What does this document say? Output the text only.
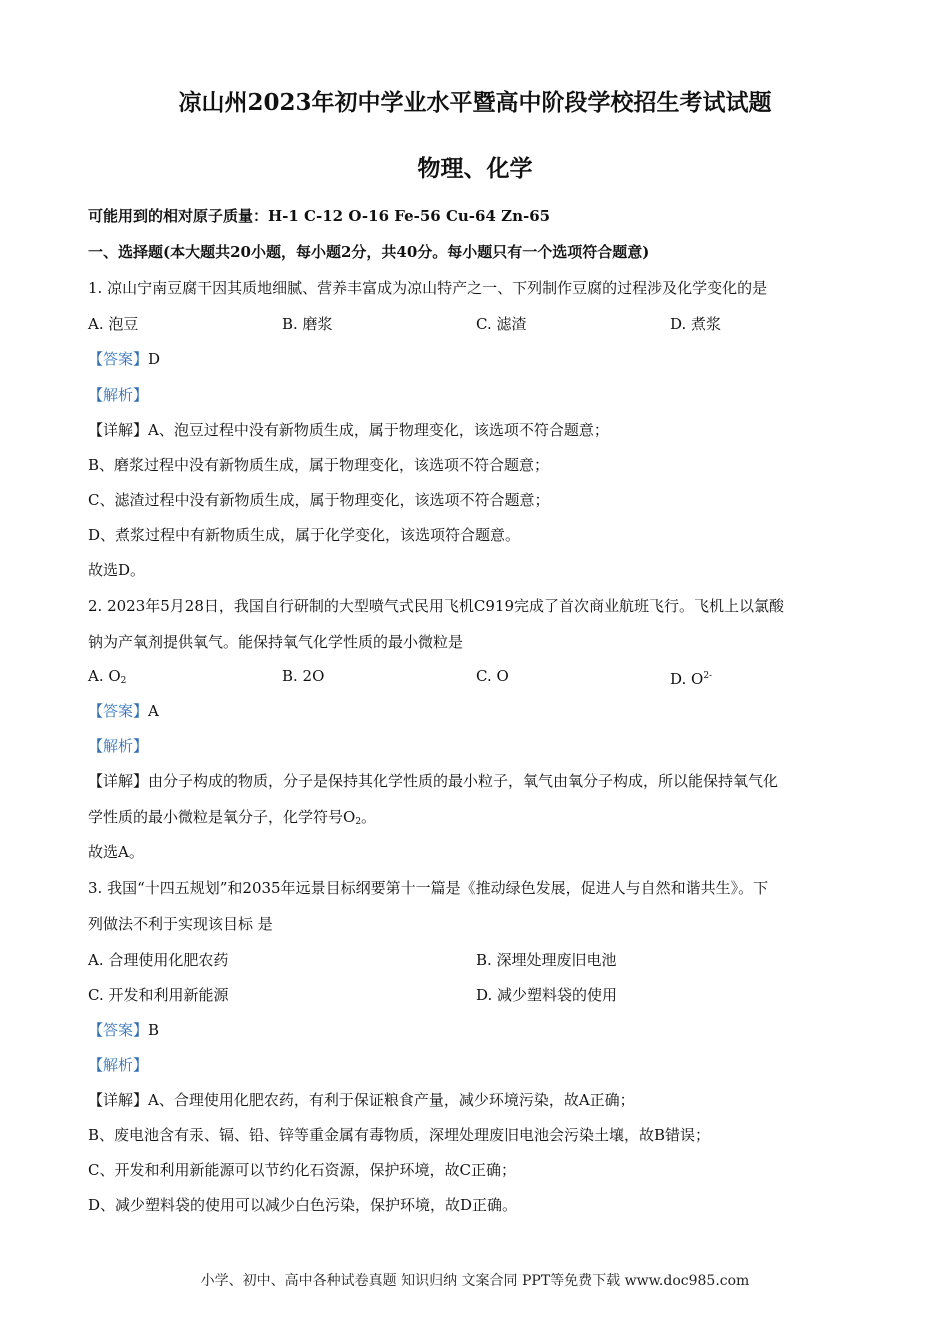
凉山州2023年初中学业水平暨高中阶段学校招生考试试题
物理、化学
可能用到的相对原子质量：H-1 C-12 O-16 Fe-56 Cu-64 Zn-65
一、选择题(本大题共20小题，每小题2分，共40分。每小题只有一个选项符合题意)
1. 凉山宁南豆腐干因其质地细腻、营养丰富成为凉山特产之一、下列制作豆腐的过程涉及化学变化的是
A. 泡豆	B. 磨浆	C. 滤渣	D. 煮浆
【答案】D
【解析】
【详解】A、泡豆过程中没有新物质生成，属于物理变化，该选项不符合题意；
B、磨浆过程中没有新物质生成，属于物理变化，该选项不符合题意；
C、滤渣过程中没有新物质生成，属于物理变化，该选项不符合题意；
D、煮浆过程中有新物质生成，属于化学变化，该选项符合题意。
故选D。
2. 2023年5月28日，我国自行研制的大型喷气式民用飞机C919完成了首次商业航班飞行。飞机上以氯酸
钠为产氧剂提供氧气。能保持氧气化学性质的最小微粒是
A. $O_2$	B. 2O	C. O	D. $O^{2-}$
【答案】A
【解析】
【详解】由分子构成的物质，分子是保持其化学性质的最小粒子，氧气由氧分子构成，所以能保持氧气化
学性质的最小微粒是氧分子，化学符号$O_2$。
故选A。
3. 我国“十四五规划”和2035年远景目标纲要第十一篇是《推动绿色发展，促进人与自然和谐共生》。下
列做法不利于实现该目标 是
A. 合理使用化肥农药	B. 深埋处理废旧电池
C. 开发和利用新能源	D. 减少塑料袋的使用
【答案】B
【解析】
【详解】A、合理使用化肥农药，有利于保证粮食产量，减少环境污染，故A正确；
B、废电池含有汞、镉、铅、锌等重金属有毒物质，深埋处理废旧电池会污染土壤，故B错误；
C、开发和利用新能源可以节约化石资源，保护环境，故C正确；
D、减少塑料袋的使用可以减少白色污染，保护环境，故D正确。
小学、初中、高中各种试卷真题 知识归纳 文案合同 PPT等免费下载 www.doc985.com
